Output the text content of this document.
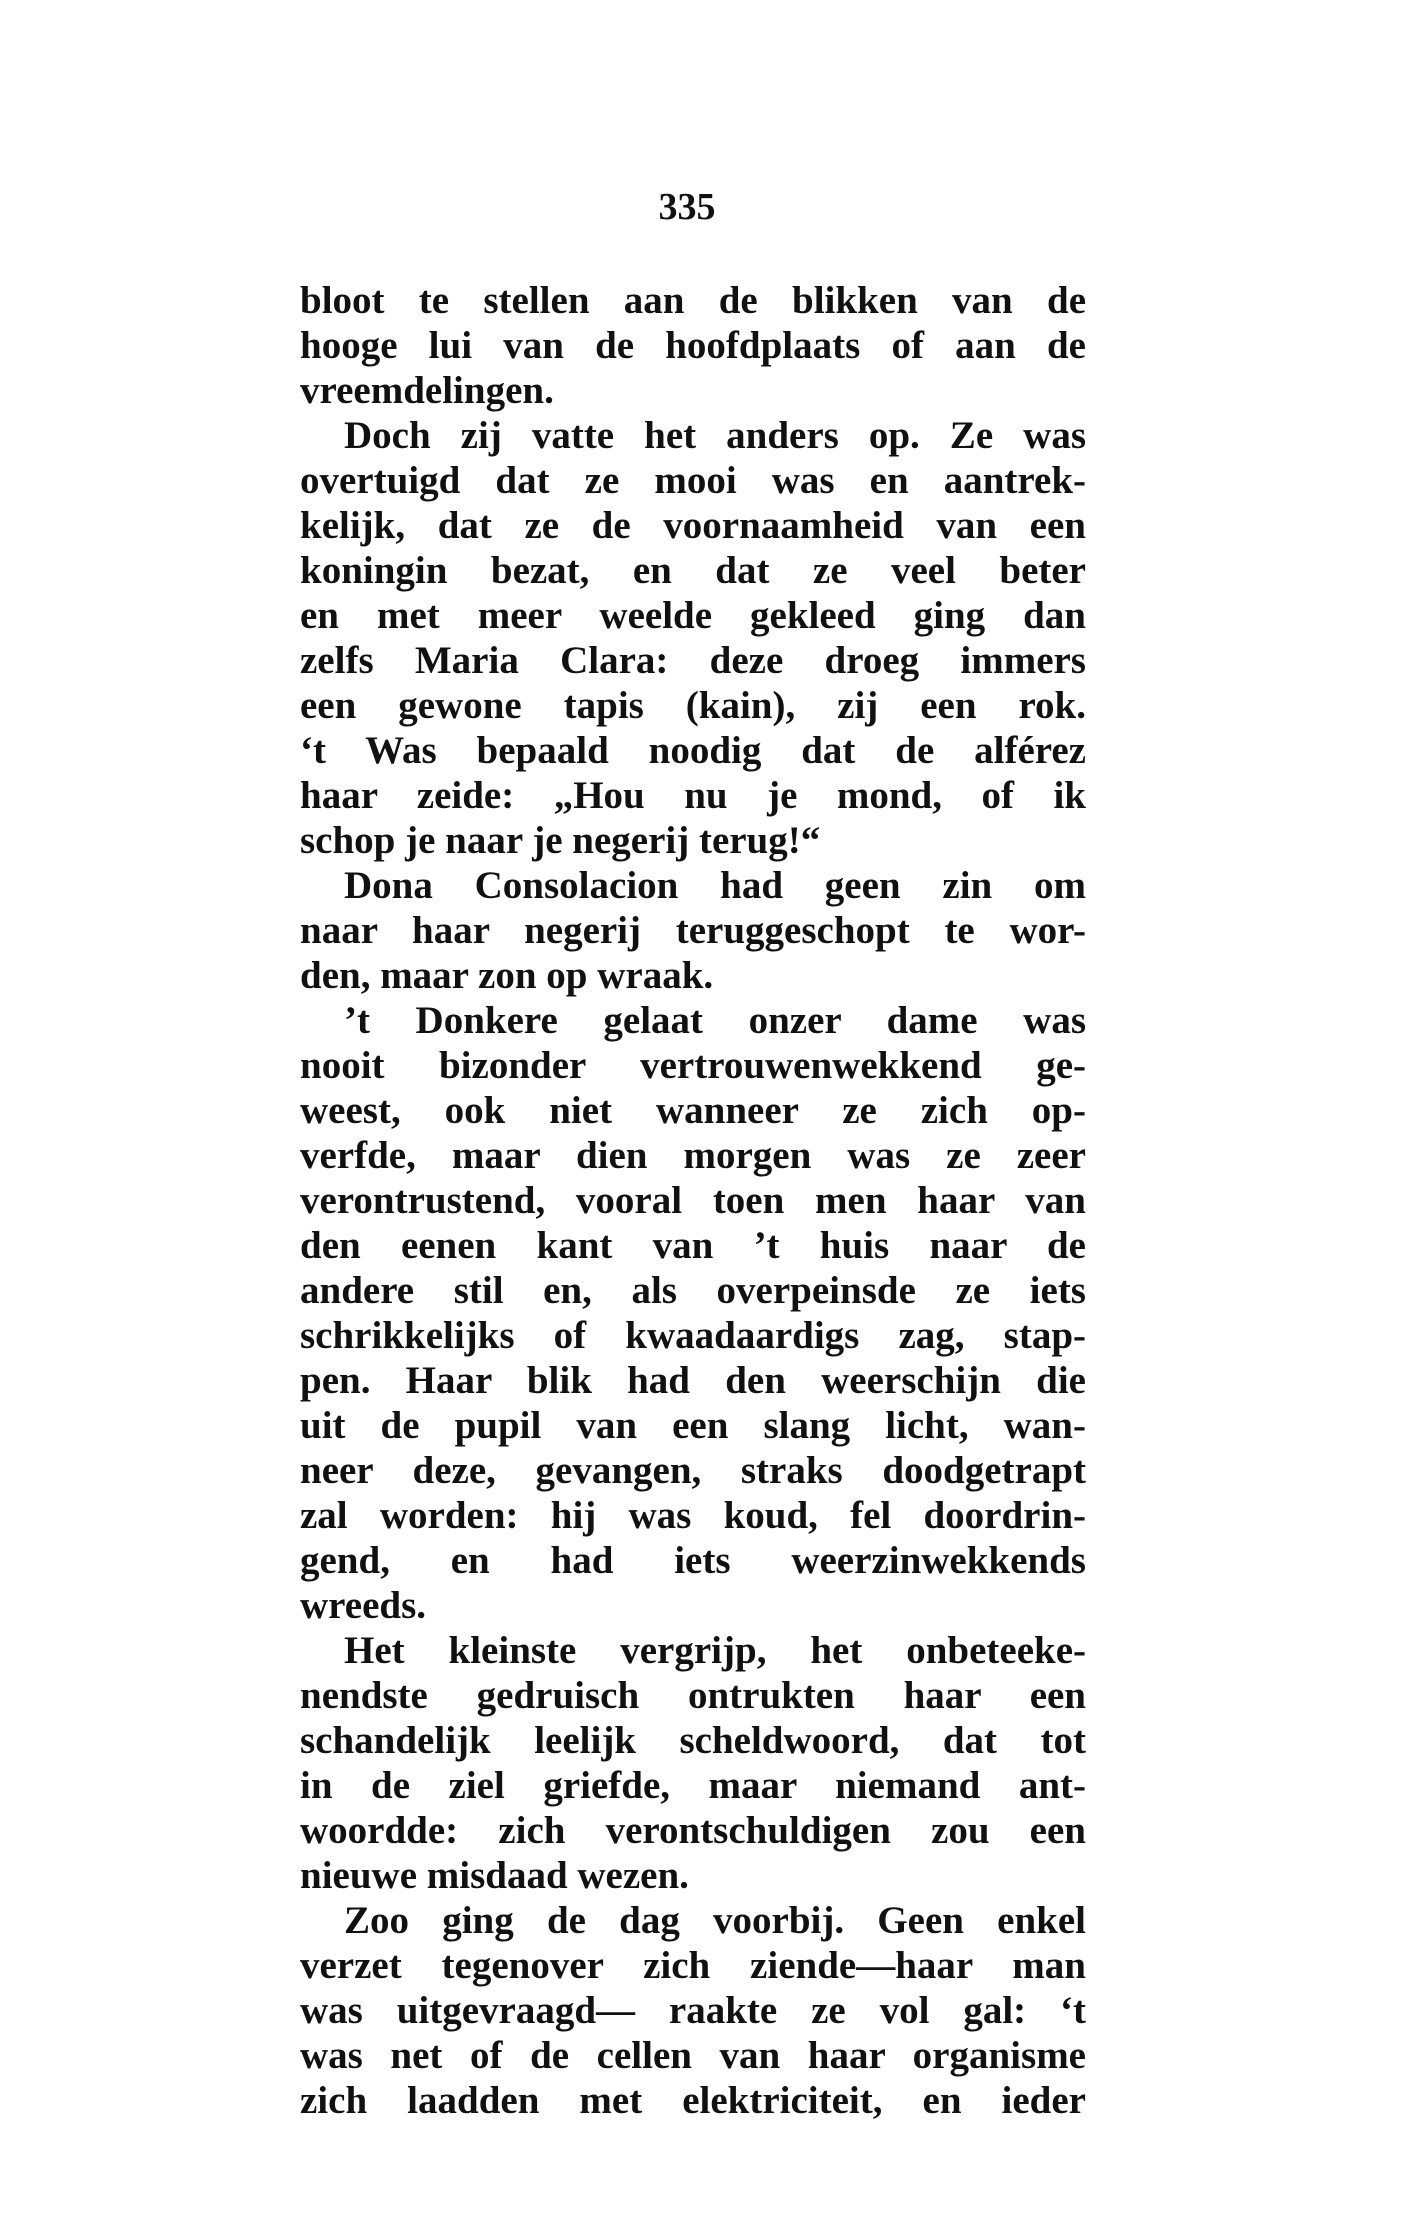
335
bloot te stellen aan de blikken van de
hooge lui van de hoofdplaats of aan de
vreemdelingen.
Doch zij vatte het anders op. Ze was
overtuigd dat ze mooi was en aantrek-
kelijk, dat ze de voornaamheid van een
koningin bezat, en dat ze veel beter
en met meer weelde gekleed ging dan
zelfs Maria Clara: deze droeg immers
een gewone tapis (kain), zij een rok.
‘t Was bepaald noodig dat de alférez
haar zeide: „Hou nu je mond, of ik
schop je naar je negerij terug!“
Dona Consolacion had geen zin om
naar haar negerij teruggeschopt te wor-
den, maar zon op wraak.
’t Donkere gelaat onzer dame was
nooit bizonder vertrouwenwekkend ge-
weest, ook niet wanneer ze zich op-
verfde, maar dien morgen was ze zeer
verontrustend, vooral toen men haar van
den eenen kant van ’t huis naar de
andere stil en, als overpeinsde ze iets
schrikkelijks of kwaadaardigs zag, stap-
pen. Haar blik had den weerschijn die
uit de pupil van een slang licht, wan-
neer deze, gevangen, straks doodgetrapt
zal worden: hij was koud, fel doordrin-
gend, en had iets weerzinwekkends
wreeds.
Het kleinste vergrijp, het onbeteeke-
nendste gedruisch ontrukten haar een
schandelijk leelijk scheldwoord, dat tot
in de ziel griefde, maar niemand ant-
woordde: zich verontschuldigen zou een
nieuwe misdaad wezen.
Zoo ging de dag voorbij. Geen enkel
verzet tegenover zich ziende—haar man
was uitgevraagd— raakte ze vol gal: ‘t
was net of de cellen van haar organisme
zich laadden met elektriciteit, en ieder
